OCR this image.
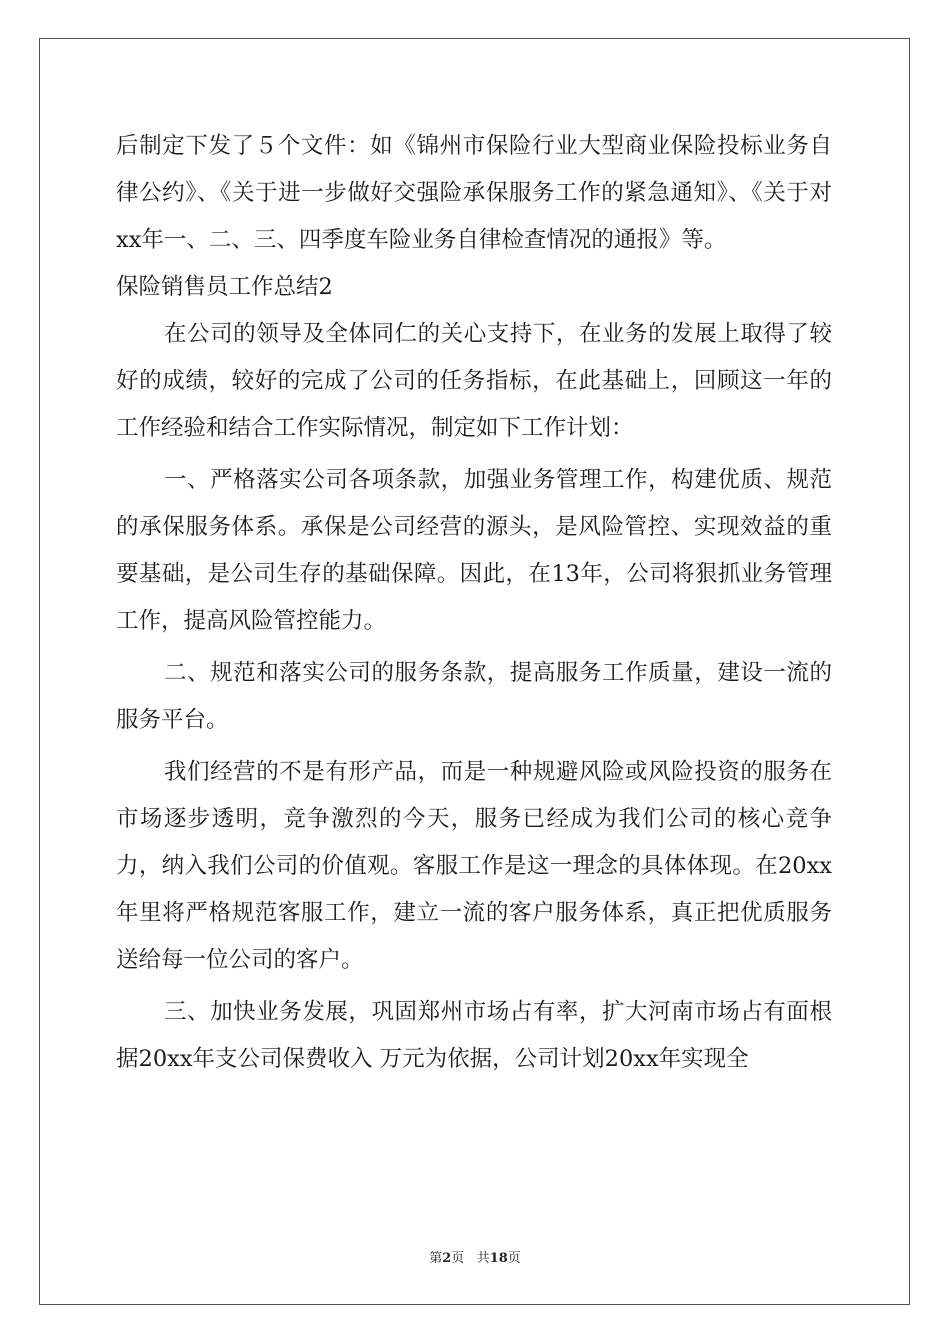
后制定下发了５个文件：如《锦州市保险行业大型商业保险投标业务自律公约》、《关于进一步做好交强险承保服务工作的紧急通知》、《关于对xx年一、二、三、四季度车险业务自律检查情况的通报》等。

保险销售员工作总结2

在公司的领导及全体同仁的关心支持下，在业务的发展上取得了较好的成绩，较好的完成了公司的任务指标，在此基础上，回顾这一年的工作经验和结合工作实际情况，制定如下工作计划：

一、严格落实公司各项条款，加强业务管理工作，构建优质、规范的承保服务体系。承保是公司经营的源头，是风险管控、实现效益的重要基础，是公司生存的基础保障。因此，在13年，公司将狠抓业务管理工作，提高风险管控能力。

二、规范和落实公司的服务条款，提高服务工作质量，建设一流的服务平台。

我们经营的不是有形产品，而是一种规避风险或风险投资的服务在市场逐步透明，竞争激烈的今天，服务已经成为我们公司的核心竞争力，纳入我们公司的价值观。客服工作是这一理念的具体体现。在20xx年里将严格规范客服工作，建立一流的客户服务体系，真正把优质服务送给每一位公司的客户。

三、加快业务发展，巩固郑州市场占有率，扩大河南市场占有面根据20xx年支公司保费收入 万元为依据，公司计划20xx年实现全

第2页 共18页
